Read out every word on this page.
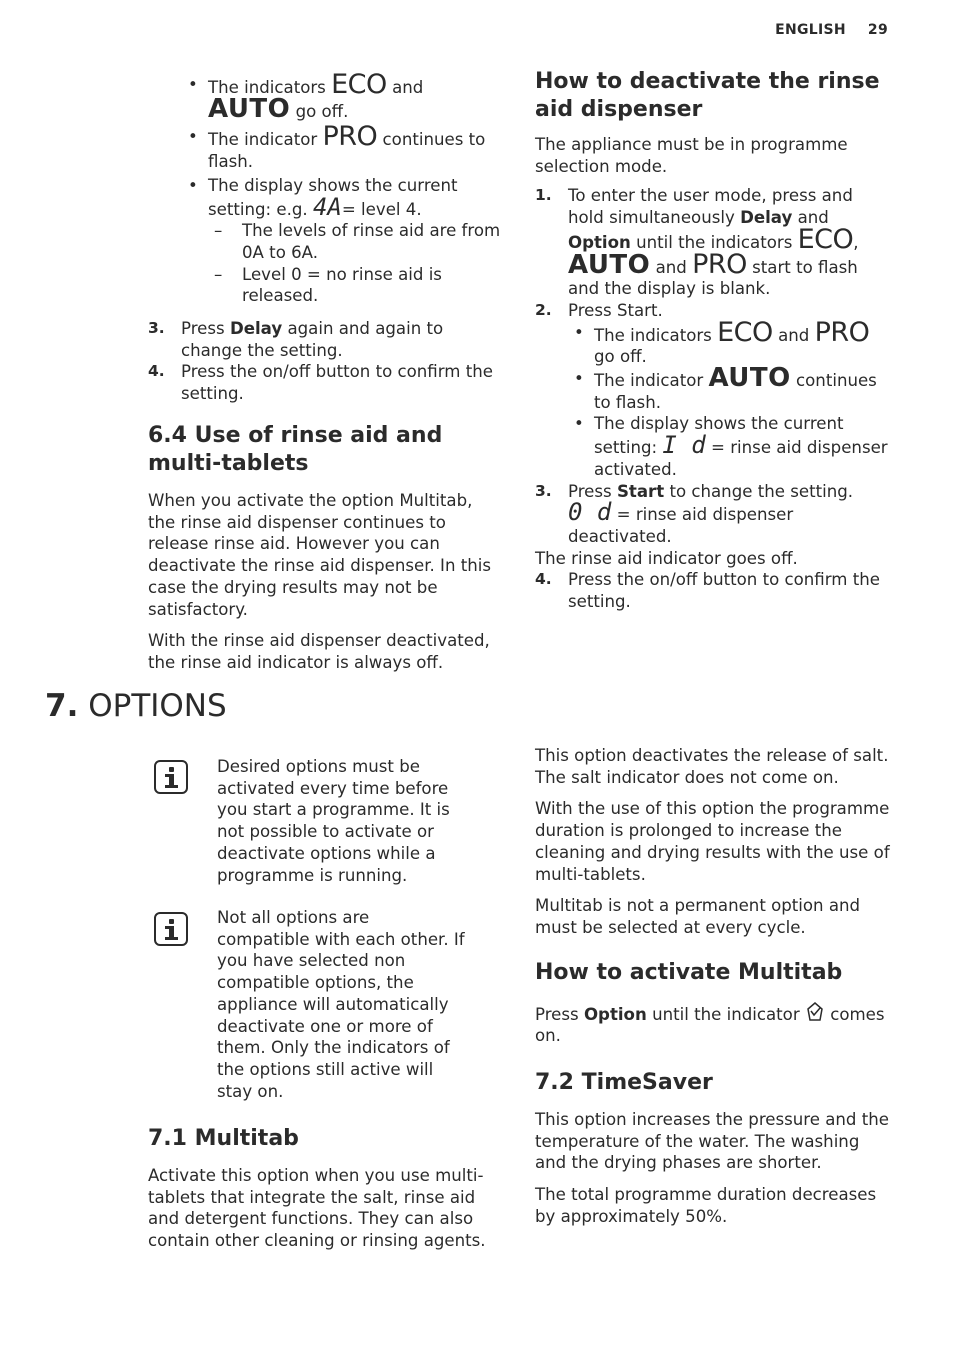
ENGLISH 29
• The indicators ECO and
AUTO go off.
• The indicator PRO continues to flash.
• The display shows the current setting: e.g. 4A= level 4.
– The levels of rinse aid are from 0A to 6A.
– Level 0 = no rinse aid is released.
3. Press Delay again and again to change the setting.
4. Press the on/off button to confirm the setting.
6.4 Use of rinse aid and multi-tablets

When you activate the option Multitab, the rinse aid dispenser continues to release rinse aid. However you can deactivate the rinse aid dispenser. In this case the drying results may not be satisfactory.

With the rinse aid dispenser deactivated, the rinse aid indicator is always off.

How to deactivate the rinse aid dispenser

The appliance must be in programme selection mode.

1. To enter the user mode, press and hold simultaneously Delay and
Option until the indicators ECO,
AUTO and PRO start to flash and the display is blank.
2. Press Start.
• The indicators ECO and PRO go off.
• The indicator AUTO continues to flash.
• The display shows the current setting: I d = rinse aid dispenser activated.
3. Press Start to change the setting.
0 d = rinse aid dispenser deactivated.

The rinse aid indicator goes off.

4. Press the on/off button to confirm the setting.
7. OPTIONS

Desired options must be activated every time before you start a programme. It is not possible to activate or deactivate options while a programme is running.

Not all options are compatible with each other. If you have selected non compatible options, the appliance will automatically deactivate one or more of them. Only the indicators of the options still active will stay on.

7.1 Multitab

Activate this option when you use multi-tablets that integrate the salt, rinse aid and detergent functions. They can also contain other cleaning or rinsing agents.

This option deactivates the release of salt. The salt indicator does not come on.

With the use of this option the programme duration is prolonged to increase the cleaning and drying results with the use of multi-tablets.

Multitab is not a permanent option and must be selected at every cycle.

How to activate Multitab

Press Option until the indicator comes on.

7.2 TimeSaver

This option increases the pressure and the temperature of the water. The washing and the drying phases are shorter.

The total programme duration decreases by approximately 50%.
